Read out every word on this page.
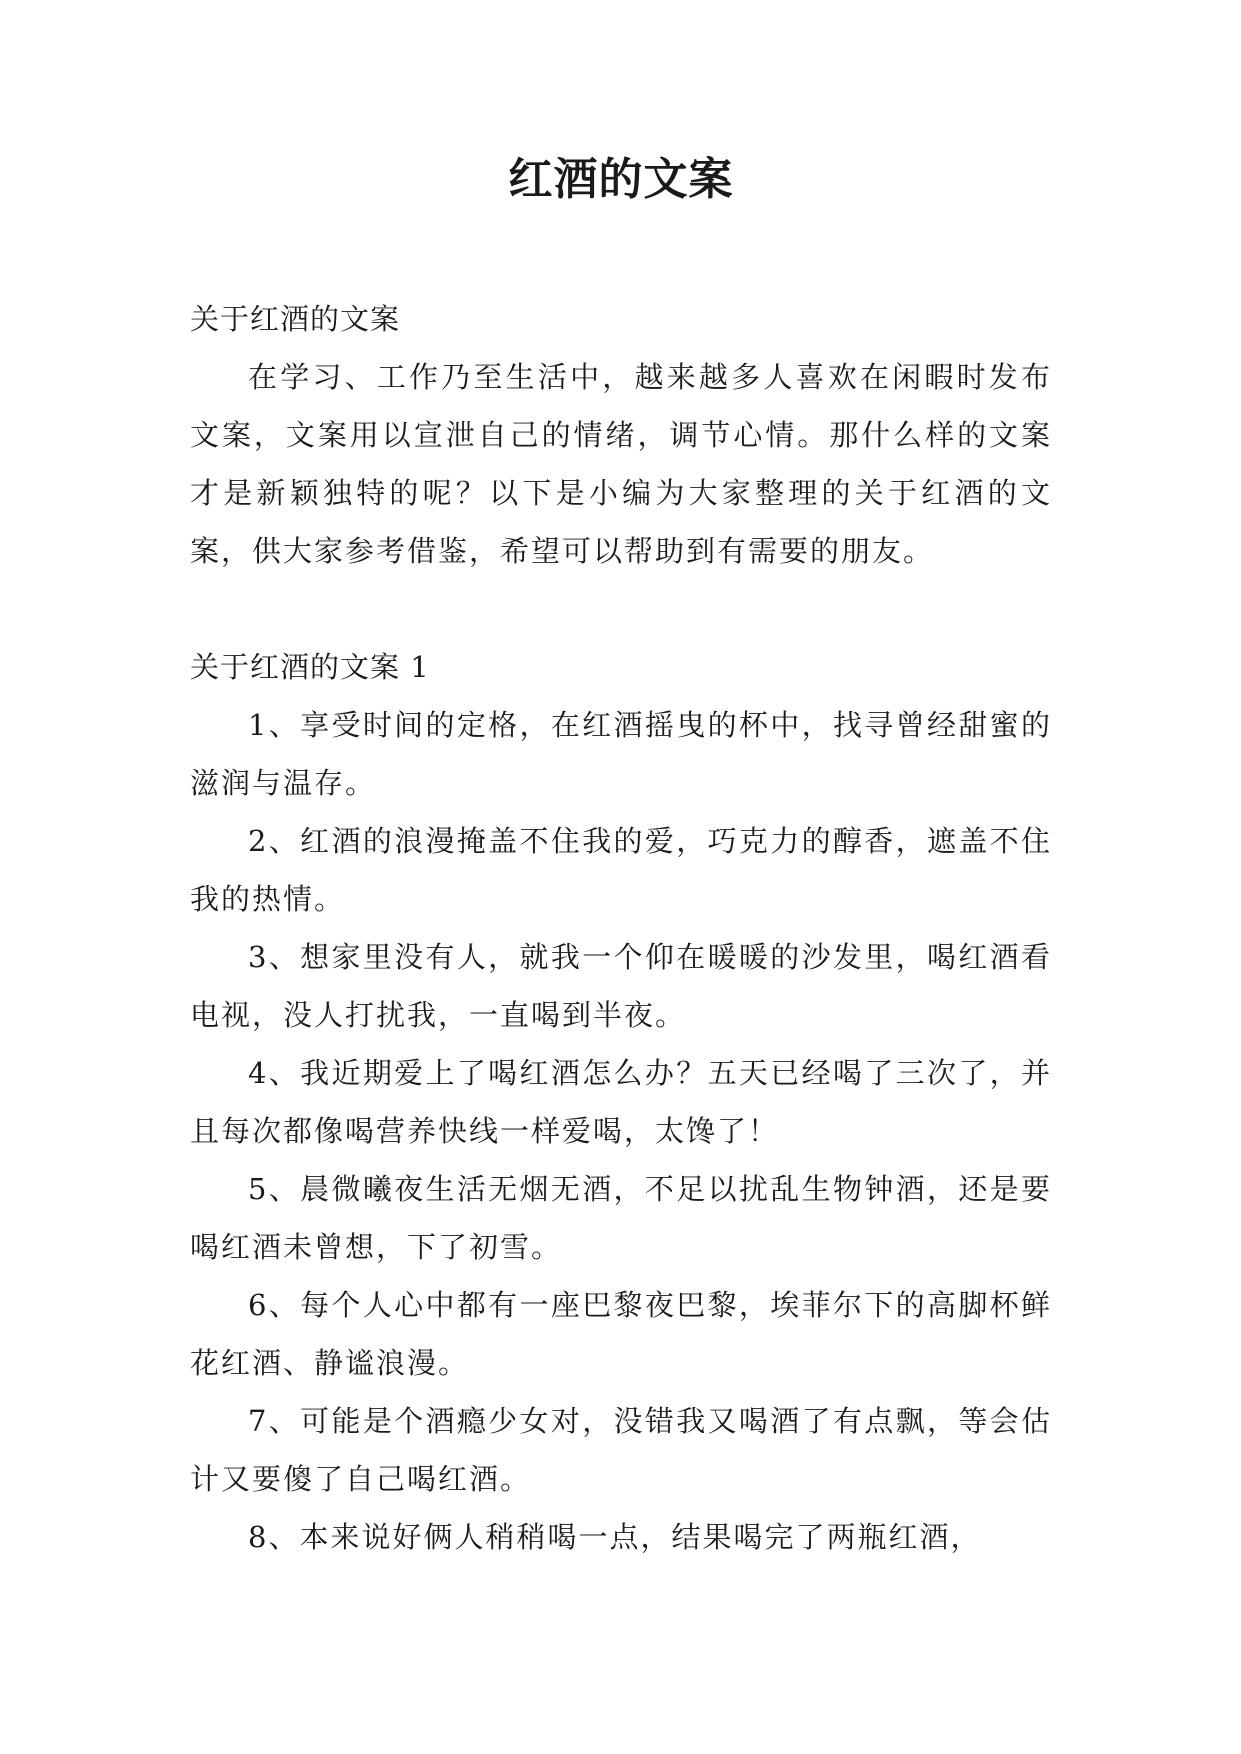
红酒的文案

关于红酒的文案

在学习、工作乃至生活中，越来越多人喜欢在闲暇时发布文案，文案用以宣泄自己的情绪，调节心情。那什么样的文案才是新颖独特的呢？以下是小编为大家整理的关于红酒的文案，供大家参考借鉴，希望可以帮助到有需要的朋友。

关于红酒的文案 1

1、享受时间的定格，在红酒摇曳的杯中，找寻曾经甜蜜的滋润与温存。

2、红酒的浪漫掩盖不住我的爱，巧克力的醇香，遮盖不住我的热情。

3、想家里没有人，就我一个仰在暖暖的沙发里，喝红酒看电视，没人打扰我，一直喝到半夜。

4、我近期爱上了喝红酒怎么办？五天已经喝了三次了，并且每次都像喝营养快线一样爱喝，太馋了！

5、晨微曦夜生活无烟无酒，不足以扰乱生物钟酒，还是要喝红酒未曾想，下了初雪。

6、每个人心中都有一座巴黎夜巴黎，埃菲尔下的高脚杯鲜花红酒、静谧浪漫。

7、可能是个酒瘾少女对，没错我又喝酒了有点飘，等会估计又要傻了自己喝红酒。

8、本来说好俩人稍稍喝一点，结果喝完了两瓶红酒，
